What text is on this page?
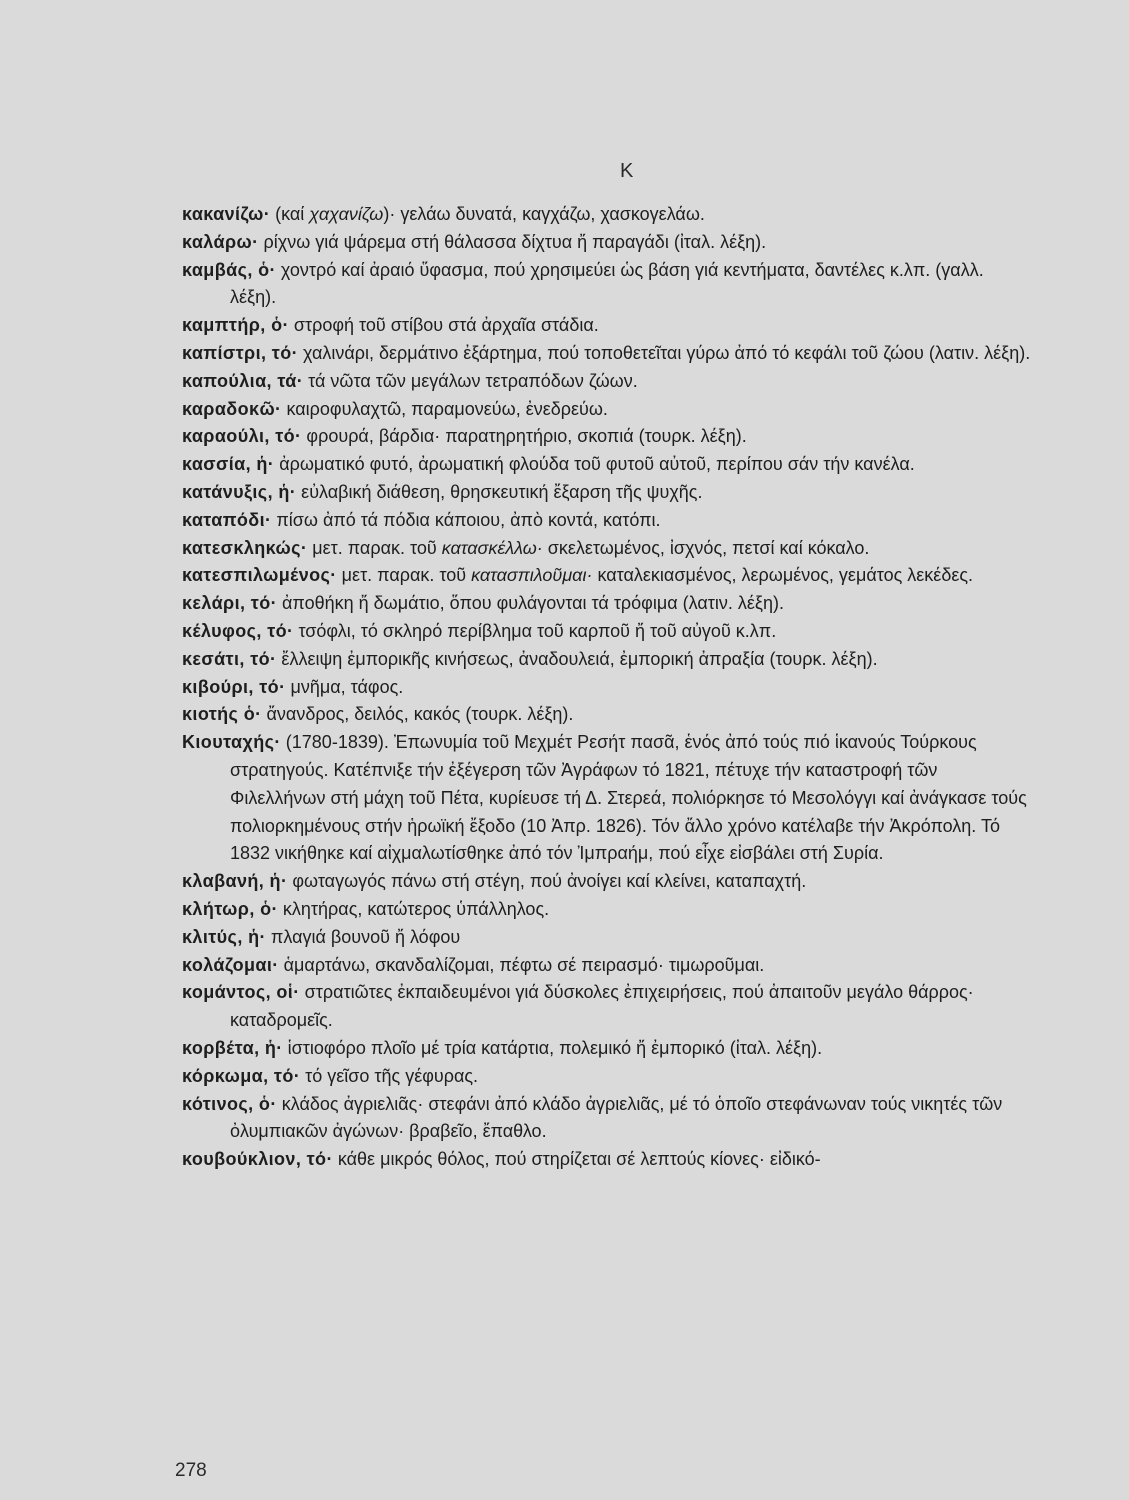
Κ

κακανίζω· (καί χαχανίζω)· γελάω δυνατά, καγχάζω, χασκογελάω.

καλάρω· ρίχνω γιά ψάρεμα στή θάλασσα δίχτυα ἤ παραγάδι (ἰταλ. λέξη).

καμβάς, ὁ· χοντρό καί ἀραιό ὕφασμα, πού χρησιμεύει ὡς βάση γιά κεντήματα, δαντέλες κ.λπ. (γαλλ. λέξη).

καμπτήρ, ὁ· στροφή τοῦ στίβου στά ἀρχαῖα στάδια.

καπίστρι, τό· χαλινάρι, δερμάτινο ἐξάρτημα, πού τοποθετεῖται γύρω ἀπό τό κεφάλι τοῦ ζώου (λατιν. λέξη).

καπούλια, τά· τά νῶτα τῶν μεγάλων τετραπόδων ζώων.

καραδοκῶ· καιροφυλαχτῶ, παραμονεύω, ἐνεδρεύω.

καραούλι, τό· φρουρά, βάρδια· παρατηρητήριο, σκοπιά (τουρκ. λέξη).

κασσία, ἡ· ἀρωματικό φυτό, ἀρωματική φλούδα τοῦ φυτοῦ αὐτοῦ, περίπου σάν τήν κανέλα.

κατάνυξις, ἡ· εὐλαβική διάθεση, θρησκευτική ἔξαρση τῆς ψυχῆς.

καταπόδι· πίσω ἀπό τά πόδια κάποιου, ἀπὸ κοντά, κατόπι.

κατεσκληκώς· μετ. παρακ. τοῦ κατασκέλλω· σκελετωμένος, ἰσχνός, πετσί καί κόκαλο.

κατεσπιλωμένος· μετ. παρακ. τοῦ κατασπιλοῦμαι· καταλεκιασμένος, λερωμένος, γεμάτος λεκέδες.

κελάρι, τό· ἀποθήκη ἤ δωμάτιο, ὅπου φυλάγονται τά τρόφιμα (λατιν. λέξη).

κέλυφος, τό· τσόφλι, τό σκληρό περίβλημα τοῦ καρποῦ ἤ τοῦ αὐγοῦ κ.λπ.

κεσάτι, τό· ἔλλειψη ἐμπορικῆς κινήσεως, ἀναδουλειά, ἐμπορική ἀπραξία (τουρκ. λέξη).

κιβούρι, τό· μνῆμα, τάφος.

κιοτής ὁ· ἄνανδρος, δειλός, κακός (τουρκ. λέξη).

Κιουταχής· (1780-1839). Ἐπωνυμία τοῦ Μεχμέτ Ρεσήτ πασᾶ, ἑνός ἀπό τούς πιό ἱκανούς Τούρκους στρατηγούς. Κατέπνιξε τήν ἐξέγερση τῶν Ἀγράφων τό 1821, πέτυχε τήν καταστροφή τῶν Φιλελλήνων στή μάχη τοῦ Πέτα, κυρίευσε τή Δ. Στερεά, πολιόρκησε τό Μεσολόγγι καί ἀνάγκασε τούς πολιορκημένους στήν ἡρωϊκή ἔξοδο (10 Ἀπρ. 1826). Τόν ἄλλο χρόνο κατέλαβε τήν Ἀκρόπολη. Τό 1832 νικήθηκε καί αἰχμαλωτίσθηκε ἀπό τόν Ἰμπραήμ, πού εἶχε εἰσβάλει στή Συρία.

κλαβανή, ἡ· φωταγωγός πάνω στή στέγη, πού ἀνοίγει καί κλείνει, καταπαχτή.

κλήτωρ, ὁ· κλητήρας, κατώτερος ὑπάλληλος.

κλιτύς, ἡ· πλαγιά βουνοῦ ἤ λόφου

κολάζομαι· ἁμαρτάνω, σκανδαλίζομαι, πέφτω σέ πειρασμό· τιμωροῦμαι.

κομάντος, οἱ· στρατιῶτες ἐκπαιδευμένοι γιά δύσκολες ἐπιχειρήσεις, πού ἀπαιτοῦν μεγάλο θάρρος· καταδρομεῖς.

κορβέτα, ἡ· ἱστιοφόρο πλοῖο μέ τρία κατάρτια, πολεμικό ἤ ἐμπορικό (ἰταλ. λέξη).

κόρκωμα, τό· τό γεῖσο τῆς γέφυρας.

κότινος, ὁ· κλάδος ἀγριελιᾶς· στεφάνι ἀπό κλάδο ἀγριελιᾶς, μέ τό ὁποῖο στεφάνωναν τούς νικητές τῶν ὀλυμπιακῶν ἀγώνων· βραβεῖο, ἔπαθλο.

κουβούκλιον, τό· κάθε μικρός θόλος, πού στηρίζεται σέ λεπτούς κίονες· εἰδικό-

278
